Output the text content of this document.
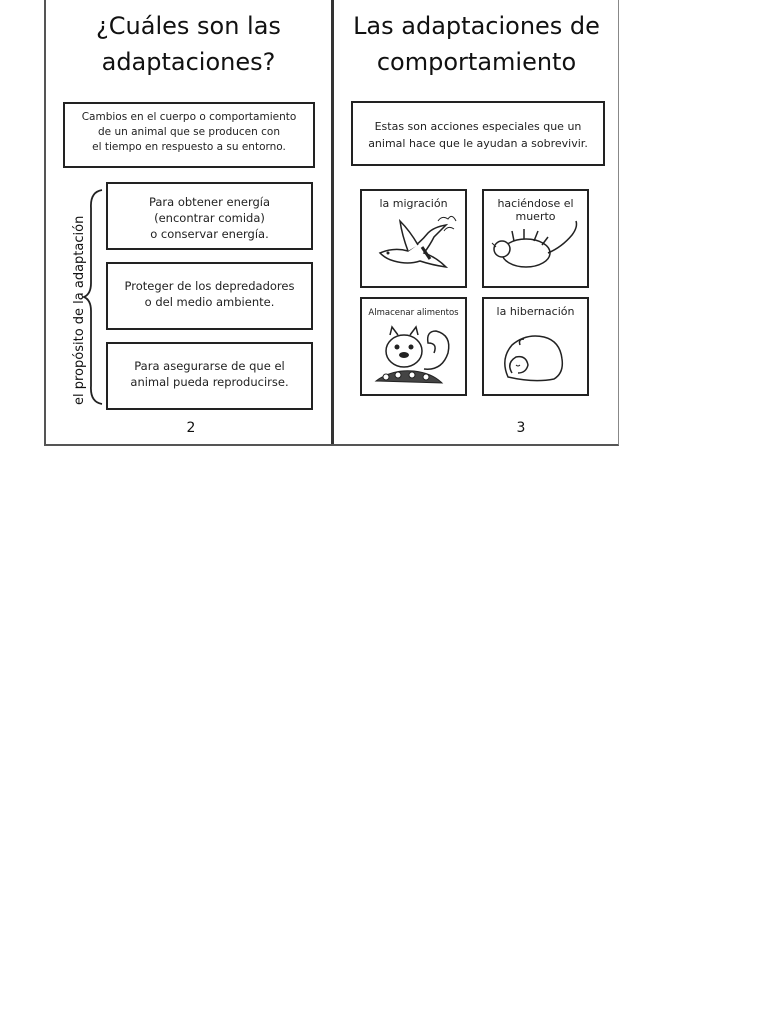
¿Cuáles son las
adaptaciones?
Cambios en el cuerpo o comportamiento
de un animal que se producen con
el tiempo en respuesto a su entorno.
el propósito de la adaptación
Para obtener energía
(encontrar comida)
o conservar energía.
Proteger de los depredadores
o del medio ambiente.
Para asegurarse de que el
animal pueda reproducirse.
2
Las adaptaciones de
comportamiento
Estas son acciones especiales que un
animal hace que le ayudan a sobrevivir.
la migración	haciéndose el
muerto
Almacenar alimentos	la hibernación
3
